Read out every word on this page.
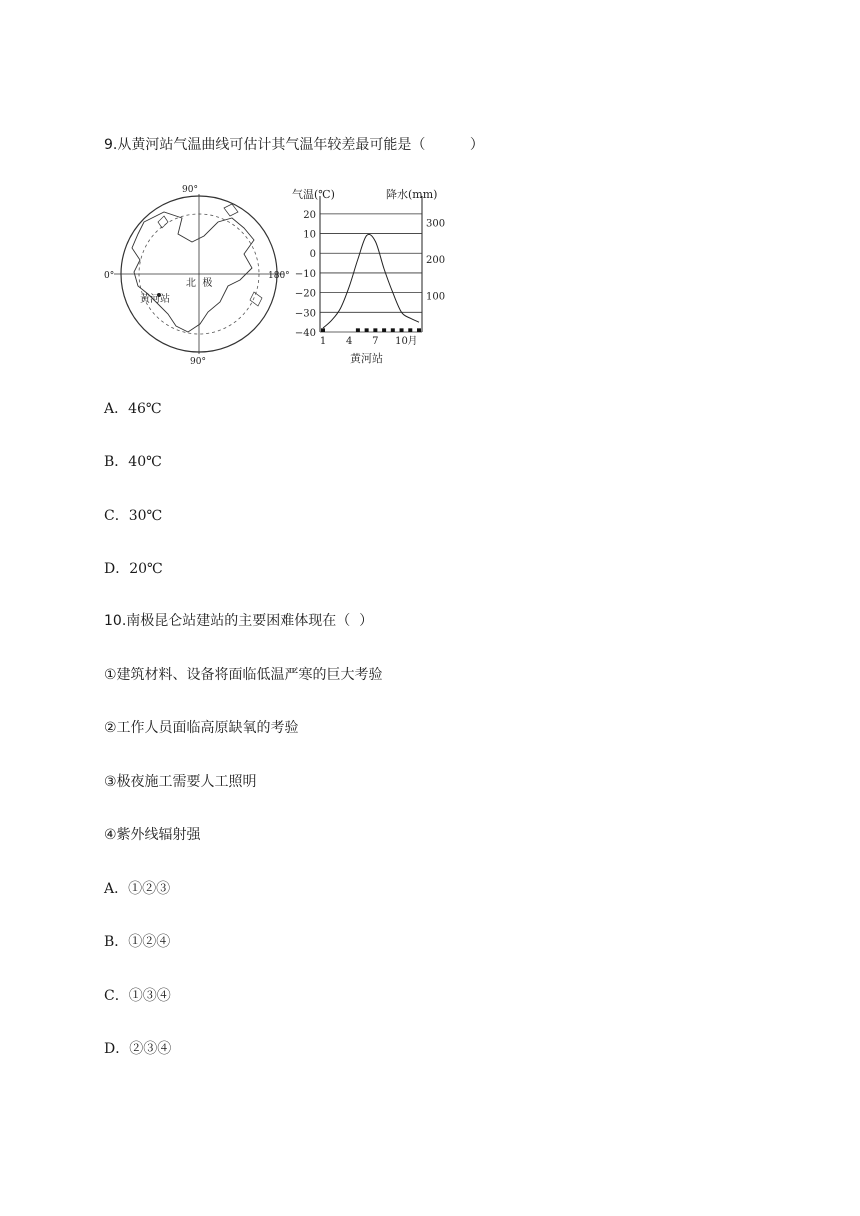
9.从黄河站气温曲线可估计其气温年较差最可能是（          ）
90°
90°
0°	180°
北  极
黄河站
气温(℃)	降水(mm)
黄河站
20
10
0
−10
−20
−30
−40
300
200
100
1 4 7 10 月
A．46℃
B．40℃
C．30℃
D．20℃
10.南极昆仑站建站的主要困难体现在（  ）
①建筑材料、设备将面临低温严寒的巨大考验
②工作人员面临高原缺氧的考验
③极夜施工需要人工照明
④紫外线辐射强
A．①②③
B．①②④
C．①③④
D．②③④
